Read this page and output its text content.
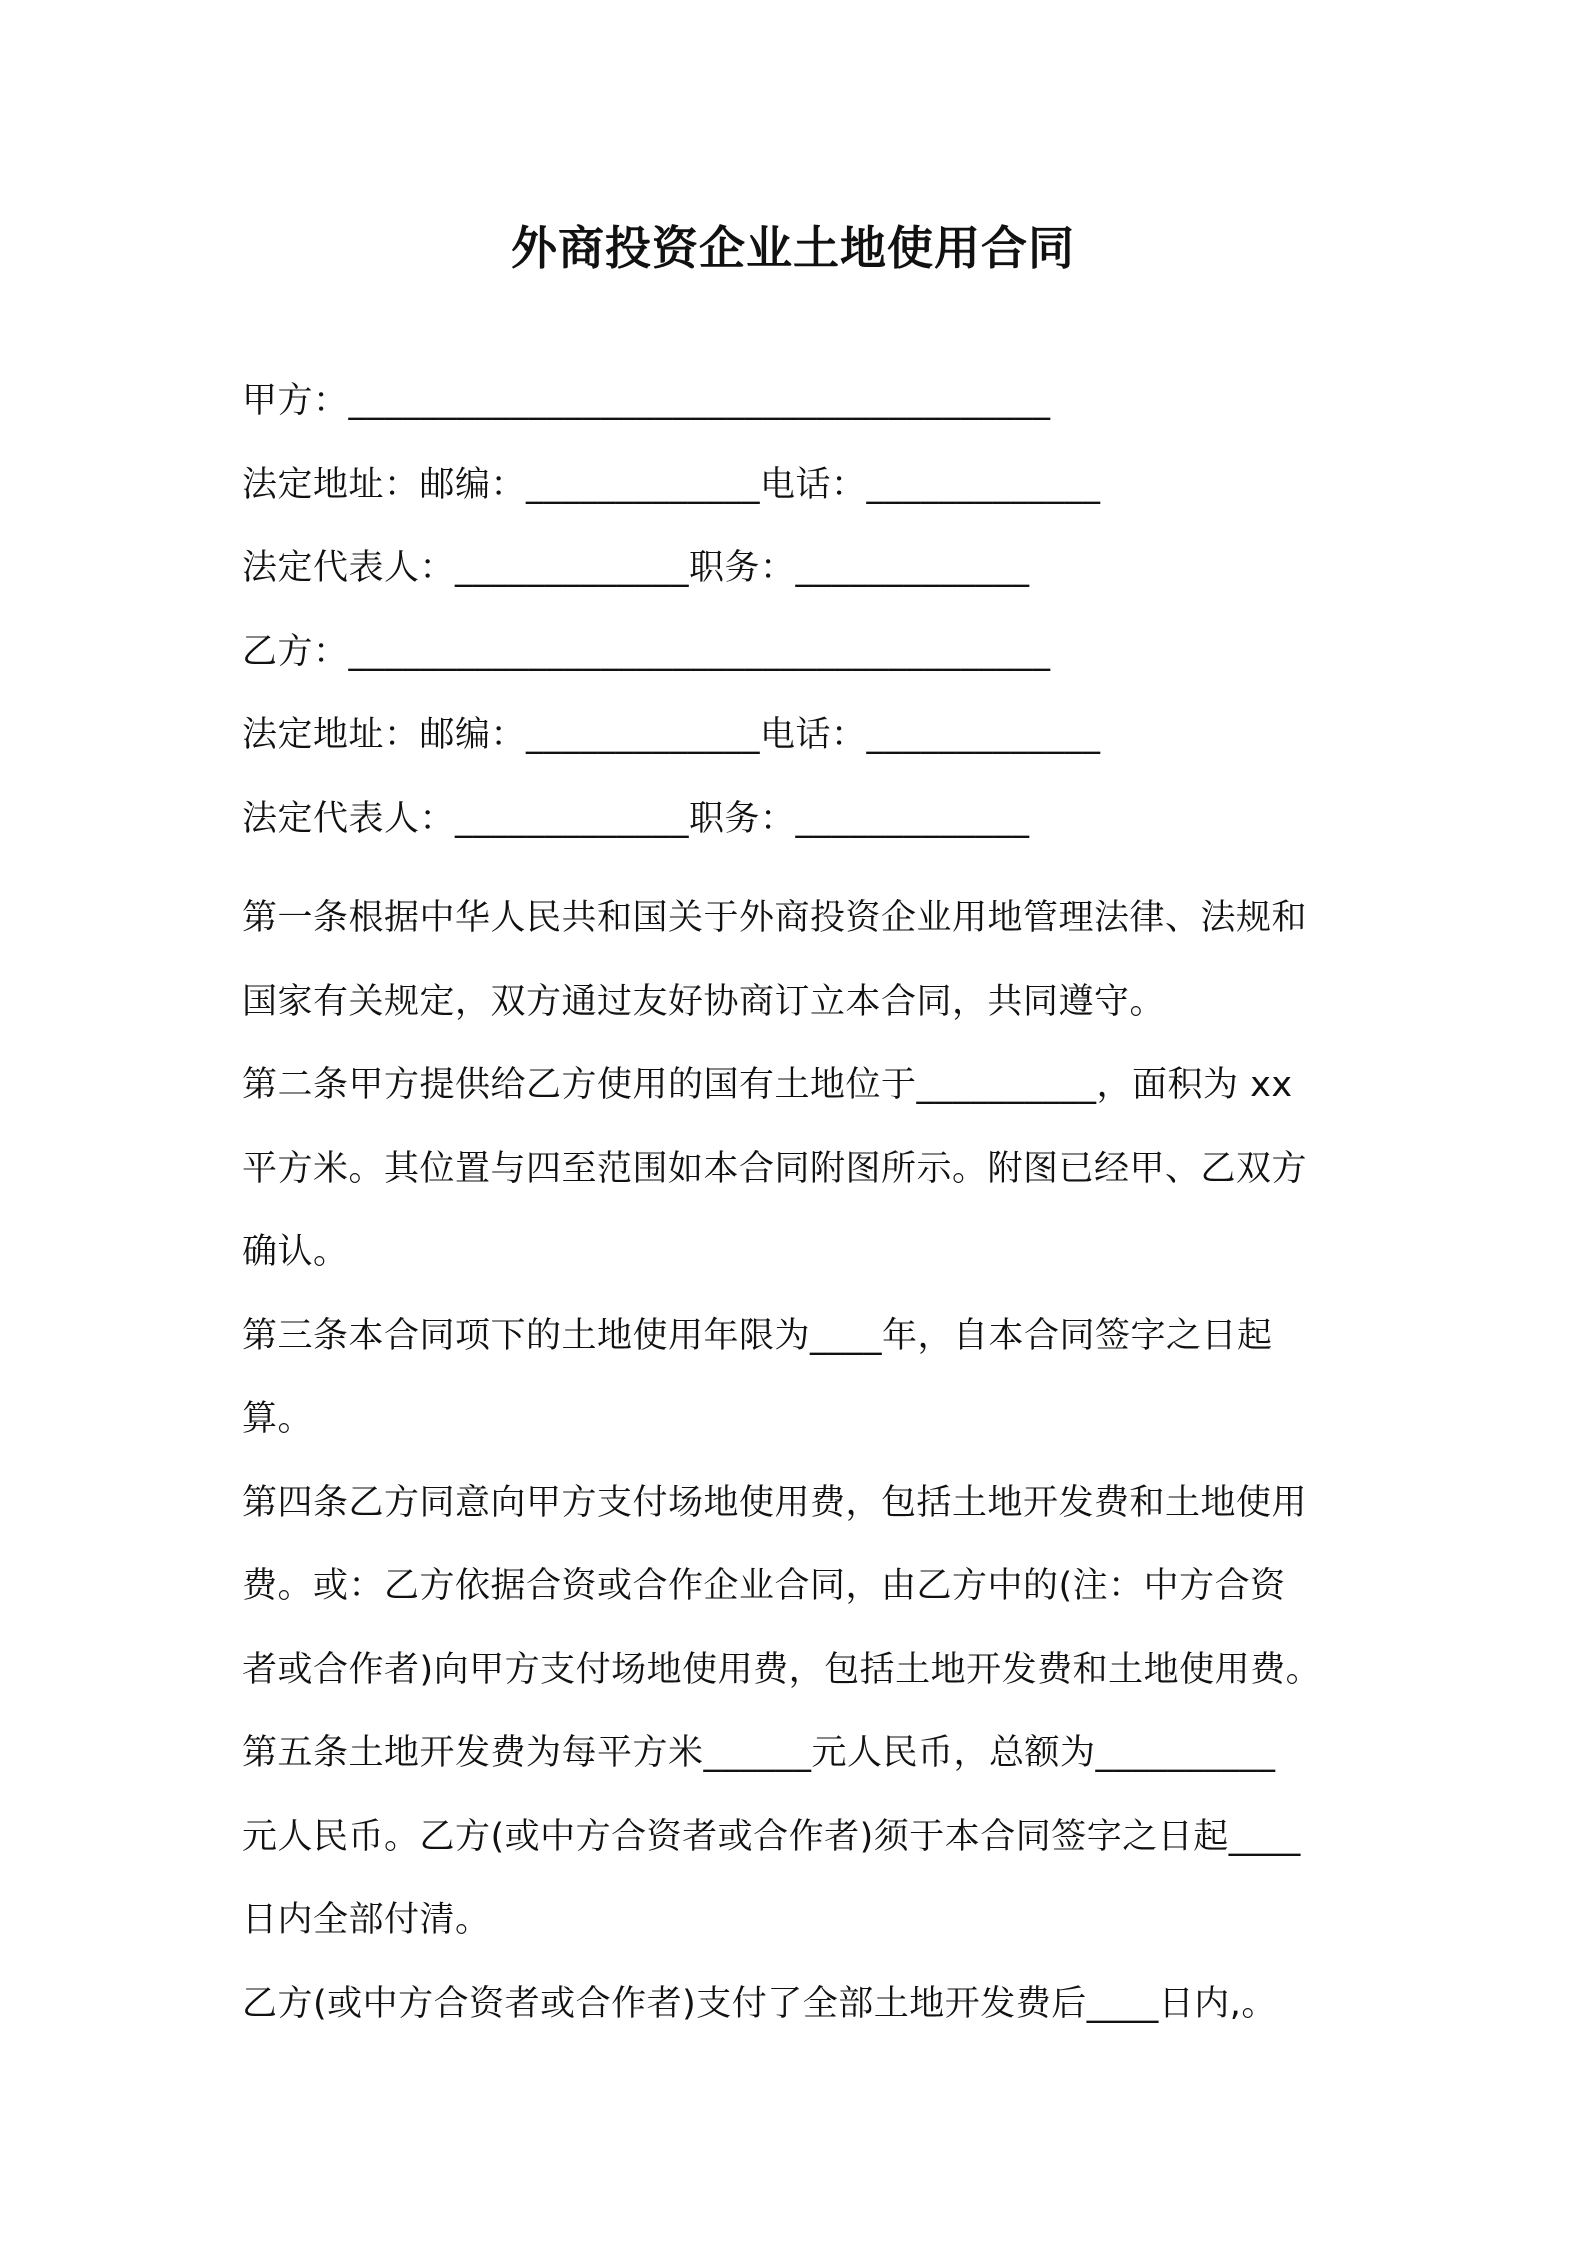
外商投资企业土地使用合同
甲方：_______________________________________
法定地址：邮编：_____________电话：_____________
法定代表人：_____________职务：_____________
乙方：_______________________________________
法定地址：邮编：_____________电话：_____________
法定代表人：_____________职务：_____________
第一条根据中华人民共和国关于外商投资企业用地管理法律、法规和
国家有关规定，双方通过友好协商订立本合同，共同遵守。
第二条甲方提供给乙方使用的国有土地位于__________，面积为 xx
平方米。其位置与四至范围如本合同附图所示。附图已经甲、乙双方
确认。
第三条本合同项下的土地使用年限为____年，自本合同签字之日起
算。
第四条乙方同意向甲方支付场地使用费，包括土地开发费和土地使用
费。或：乙方依据合资或合作企业合同，由乙方中的(注：中方合资
者或合作者)向甲方支付场地使用费，包括土地开发费和土地使用费。
第五条土地开发费为每平方米______元人民币，总额为__________
元人民币。乙方(或中方合资者或合作者)须于本合同签字之日起____
日内全部付清。
乙方(或中方合资者或合作者)支付了全部土地开发费后____日内,。
